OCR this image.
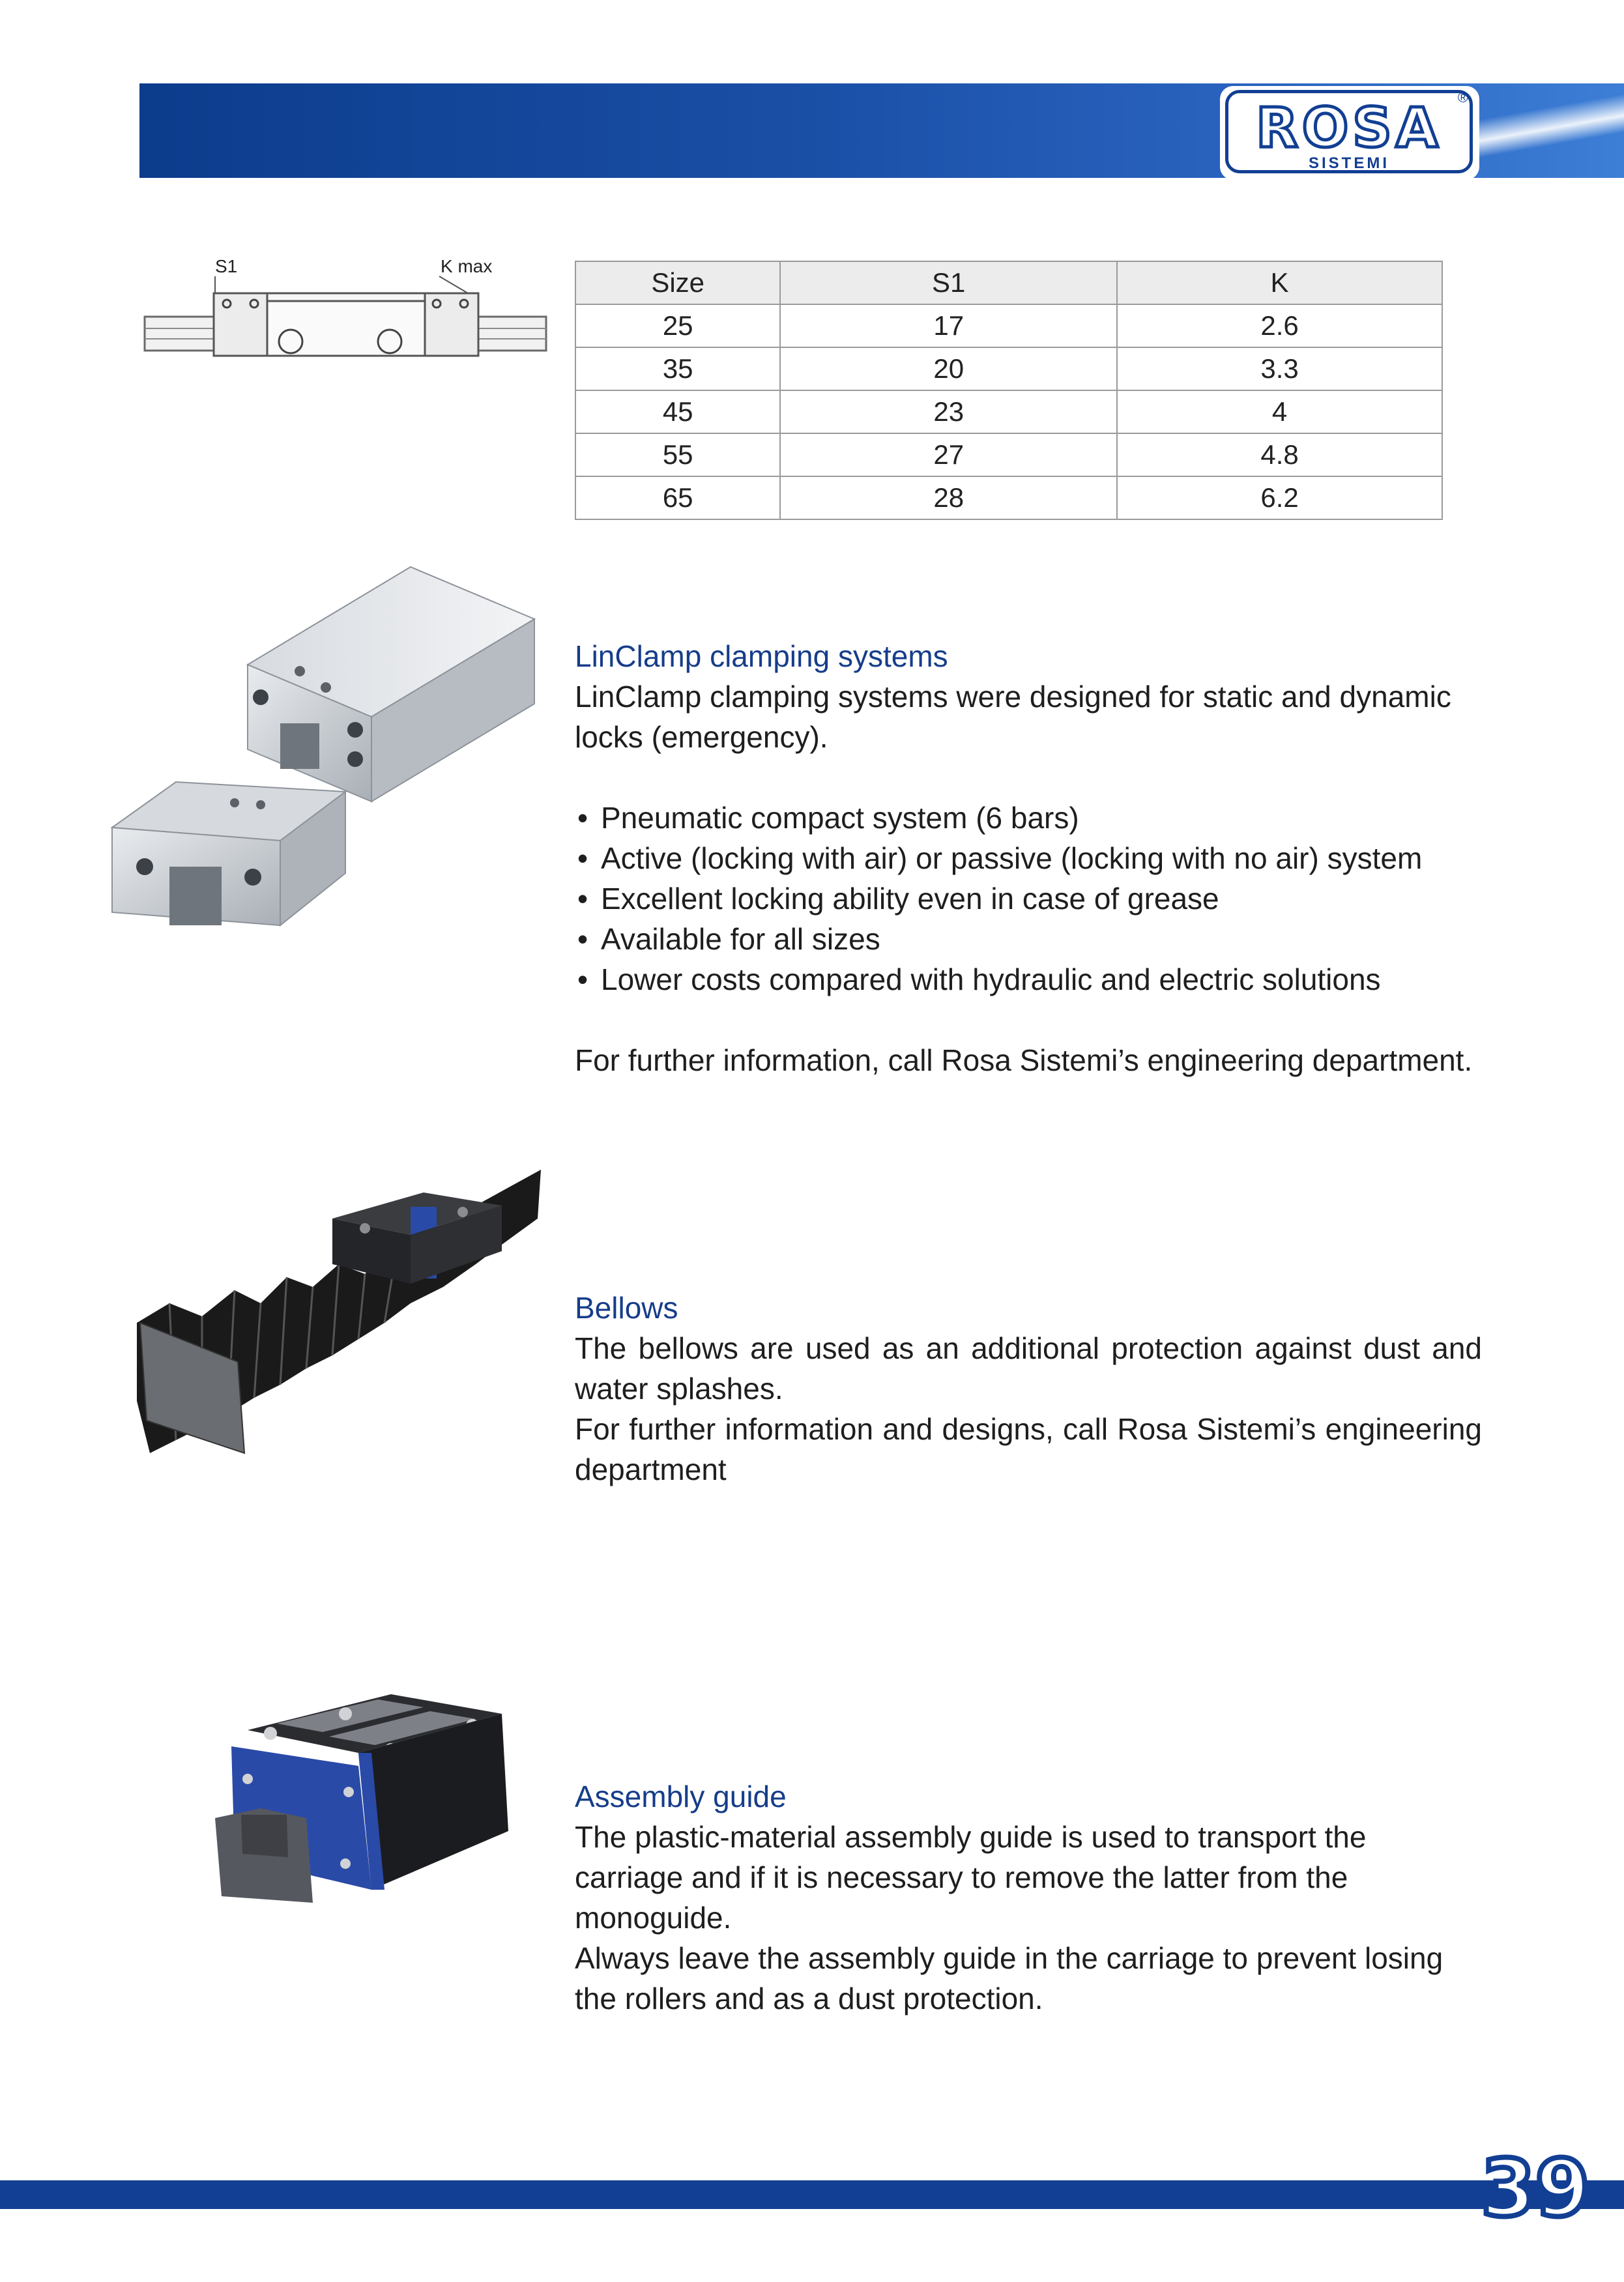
ROSA
SISTEMI
®
S1	K max
Size	S1	K
25	17	2.6
35	20	3.3
45	23	4
55	27	4.8
65	28	6.2
LinClamp clamping systems

LinClamp clamping systems were designed for static and dynamic locks (emergency).

• Pneumatic compact system (6 bars)
• Active (locking with air) or passive (locking with no air) system
• Excellent locking ability even in case of grease
• Available for all sizes
• Lower costs compared with hydraulic and electric solutions

For further information, call Rosa Sistemi’s engineering department.

Bellows

The bellows are used as an additional protection against dust and water splashes.

For further information and designs, call Rosa Sistemi’s engineering department

Assembly guide

The plastic-material assembly guide is used to transport the carriage and if it is necessary to remove the latter from the monoguide.

Always leave the assembly guide in the carriage to prevent losing the rollers and as a dust protection.

39
